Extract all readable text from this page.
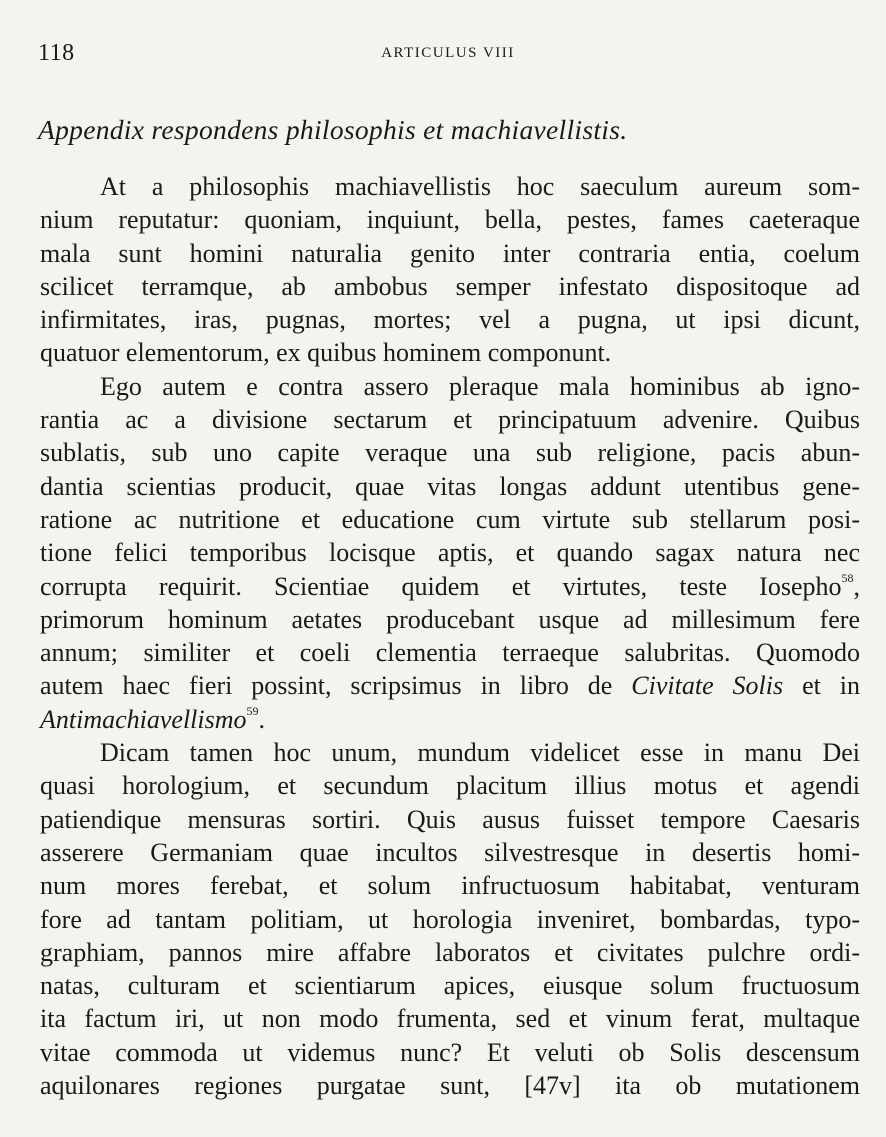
118	ARTICULUS VIII
Appendix respondens philosophis et machiavellistis.
At a philosophis machiavellistis hoc saeculum aureum som-
nium reputatur: quoniam, inquiunt, bella, pestes, fames caeteraque
mala sunt homini naturalia genito inter contraria entia, coelum
scilicet terramque, ab ambobus semper infestato dispositoque ad
infirmitates, iras, pugnas, mortes; vel a pugna, ut ipsi dicunt,
quatuor elementorum, ex quibus hominem componunt.
Ego autem e contra assero pleraque mala hominibus ab igno-
rantia ac a divisione sectarum et principatuum advenire. Quibus
sublatis, sub uno capite veraque una sub religione, pacis abun-
dantia scientias producit, quae vitas longas addunt utentibus gene-
ratione ac nutritione et educatione cum virtute sub stellarum posi-
tione felici temporibus locisque aptis, et quando sagax natura nec
corrupta requirit. Scientiae quidem et virtutes, teste Iosepho$^{58}$,
primorum hominum aetates producebant usque ad millesimum fere
annum; similiter et coeli clementia terraeque salubritas. Quomodo
autem haec fieri possint, scripsimus in libro de Civitate Solis et in
Antimachiavellismo$^{59}$.
Dicam tamen hoc unum, mundum videlicet esse in manu Dei
quasi horologium, et secundum placitum illius motus et agendi
patiendique mensuras sortiri. Quis ausus fuisset tempore Caesaris
asserere Germaniam quae incultos silvestresque in desertis homi-
num mores ferebat, et solum infructuosum habitabat, venturam
fore ad tantam politiam, ut horologia inveniret, bombardas, typo-
graphiam, pannos mire affabre laboratos et civitates pulchre ordi-
natas, culturam et scientiarum apices, eiusque solum fructuosum
ita factum iri, ut non modo frumenta, sed et vinum ferat, multaque
vitae commoda ut videmus nunc? Et veluti ob Solis descensum
aquilonares regiones purgatae sunt, [47v] ita ob mutationem
